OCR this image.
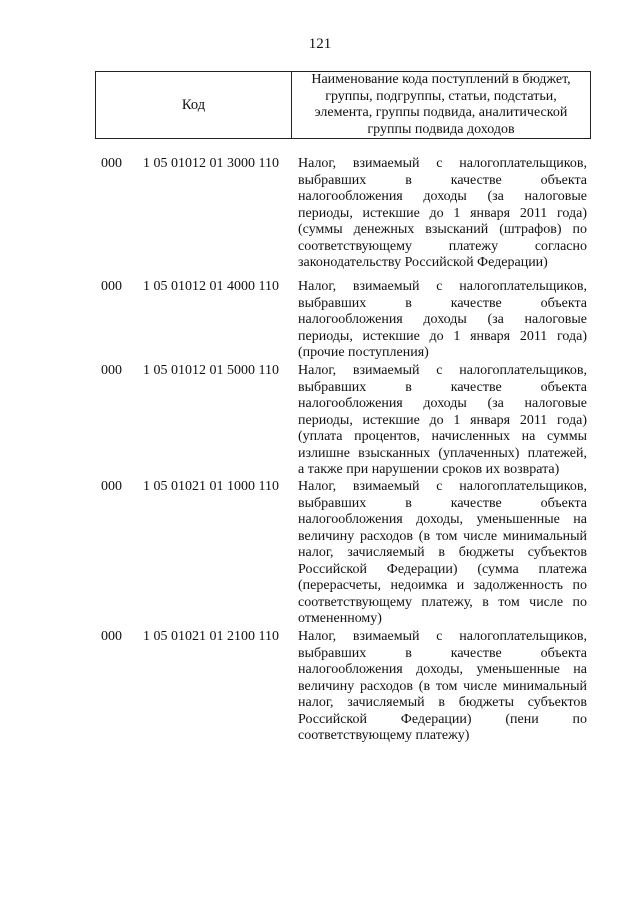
121
Код
Наименование кода поступлений в бюджет, группы, подгруппы, статьи, подстатьи, элемента, группы подвида, аналитической группы подвида доходов
000 1 05 01012 01 3000 110 Налог, взимаемый с налогоплательщиков,
выбравших в качестве объекта
налогообложения доходы (за налоговые
периоды, истекшие до 1 января 2011 года)
(суммы денежных взысканий (штрафов) по
соответствующему платежу согласно
законодательству Российской Федерации)
000 1 05 01012 01 4000 110 Налог, взимаемый с налогоплательщиков,
выбравших в качестве объекта
налогообложения доходы (за налоговые
периоды, истекшие до 1 января 2011 года)
(прочие поступления)
000 1 05 01012 01 5000 110 Налог, взимаемый с налогоплательщиков,
выбравших в качестве объекта
налогообложения доходы (за налоговые
периоды, истекшие до 1 января 2011 года)
(уплата процентов, начисленных на суммы
излишне взысканных (уплаченных) платежей,
а также при нарушении сроков их возврата)
000 1 05 01021 01 1000 110 Налог, взимаемый с налогоплательщиков,
выбравших в качестве объекта
налогообложения доходы, уменьшенные на
величину расходов (в том числе минимальный
налог, зачисляемый в бюджеты субъектов
Российской Федерации) (сумма платежа
(перерасчеты, недоимка и задолженность по
соответствующему платежу, в том числе по
отмененному)
000 1 05 01021 01 2100 110 Налог, взимаемый с налогоплательщиков,
выбравших в качестве объекта
налогообложения доходы, уменьшенные на
величину расходов (в том числе минимальный
налог, зачисляемый в бюджеты субъектов
Российской Федерации) (пени по
соответствующему платежу)
